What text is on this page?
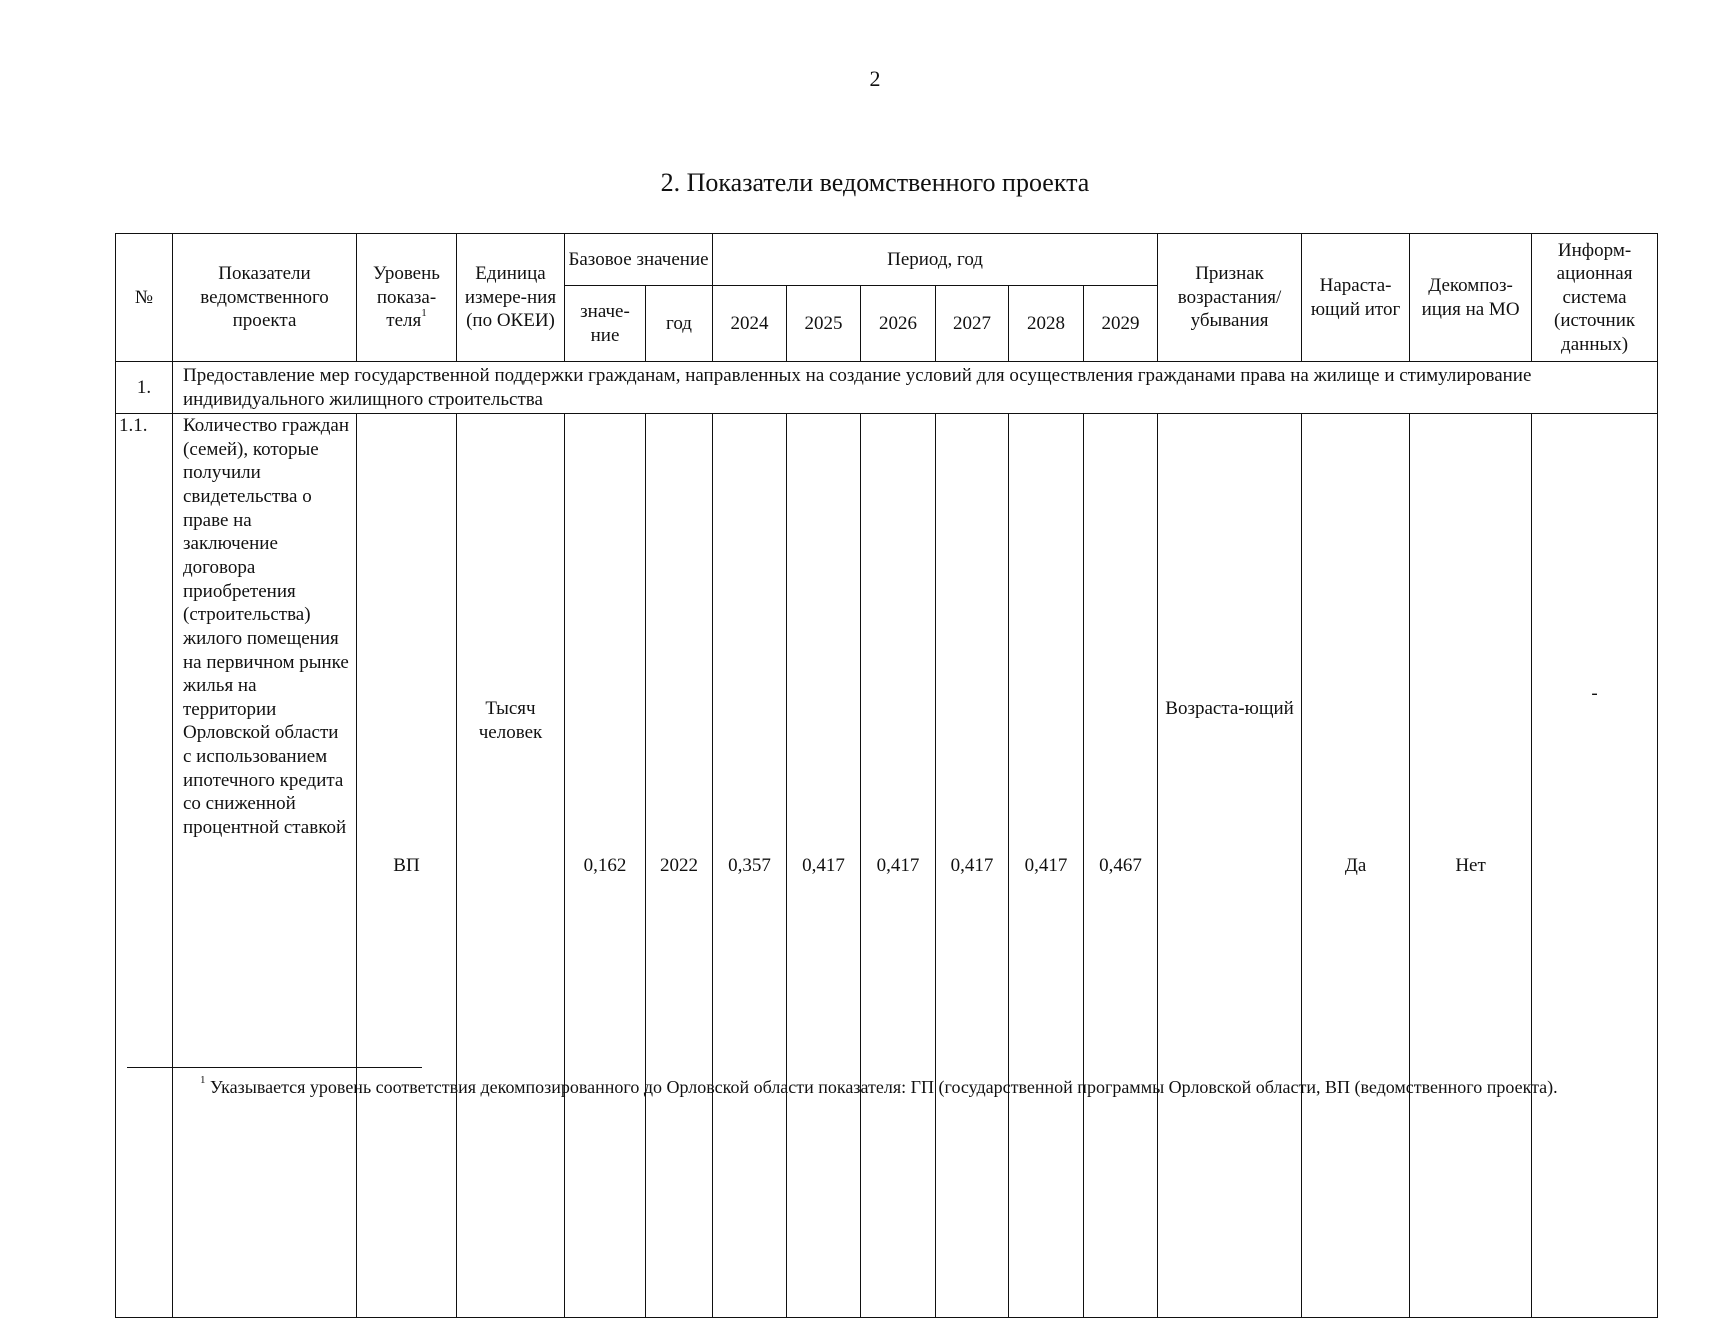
2
2. Показатели ведомственного проекта
№	Показатели ведомственного проекта	Уровень показа-теля$^1$	Единица измере-ния (по ОКЕИ)	Базовое значение		Период, год						Признак возрастания/ убывания	Нараста-ющий итог	Декомпоз-иция на МО	Информ-ационная система (источник данных)
				значе-ние	год	2024	2025	2026	2027	2028	2029				
1.	Предоставление мер государственной поддержки гражданам, направленных на создание условий для осуществления гражданами права на жилище и стимулирование индивидуального жилищного строительства														
1.1.	Количество граждан (семей), которые получили свидетельства о праве на заключение договора приобретения (строительства) жилого помещения на первичном рынке жилья на территории Орловской области с использованием ипотечного кредита со сниженной процентной ставкой	ВП	Тысяч человек	0,162	2022	0,357	0,417	0,417	0,417	0,417	0,467	Возраста-ющий	Да	Нет	-
$^1$ Указывается уровень соответствия декомпозированного до Орловской области показателя: ГП (государственной программы Орловской области, ВП (ведомственного проекта).
